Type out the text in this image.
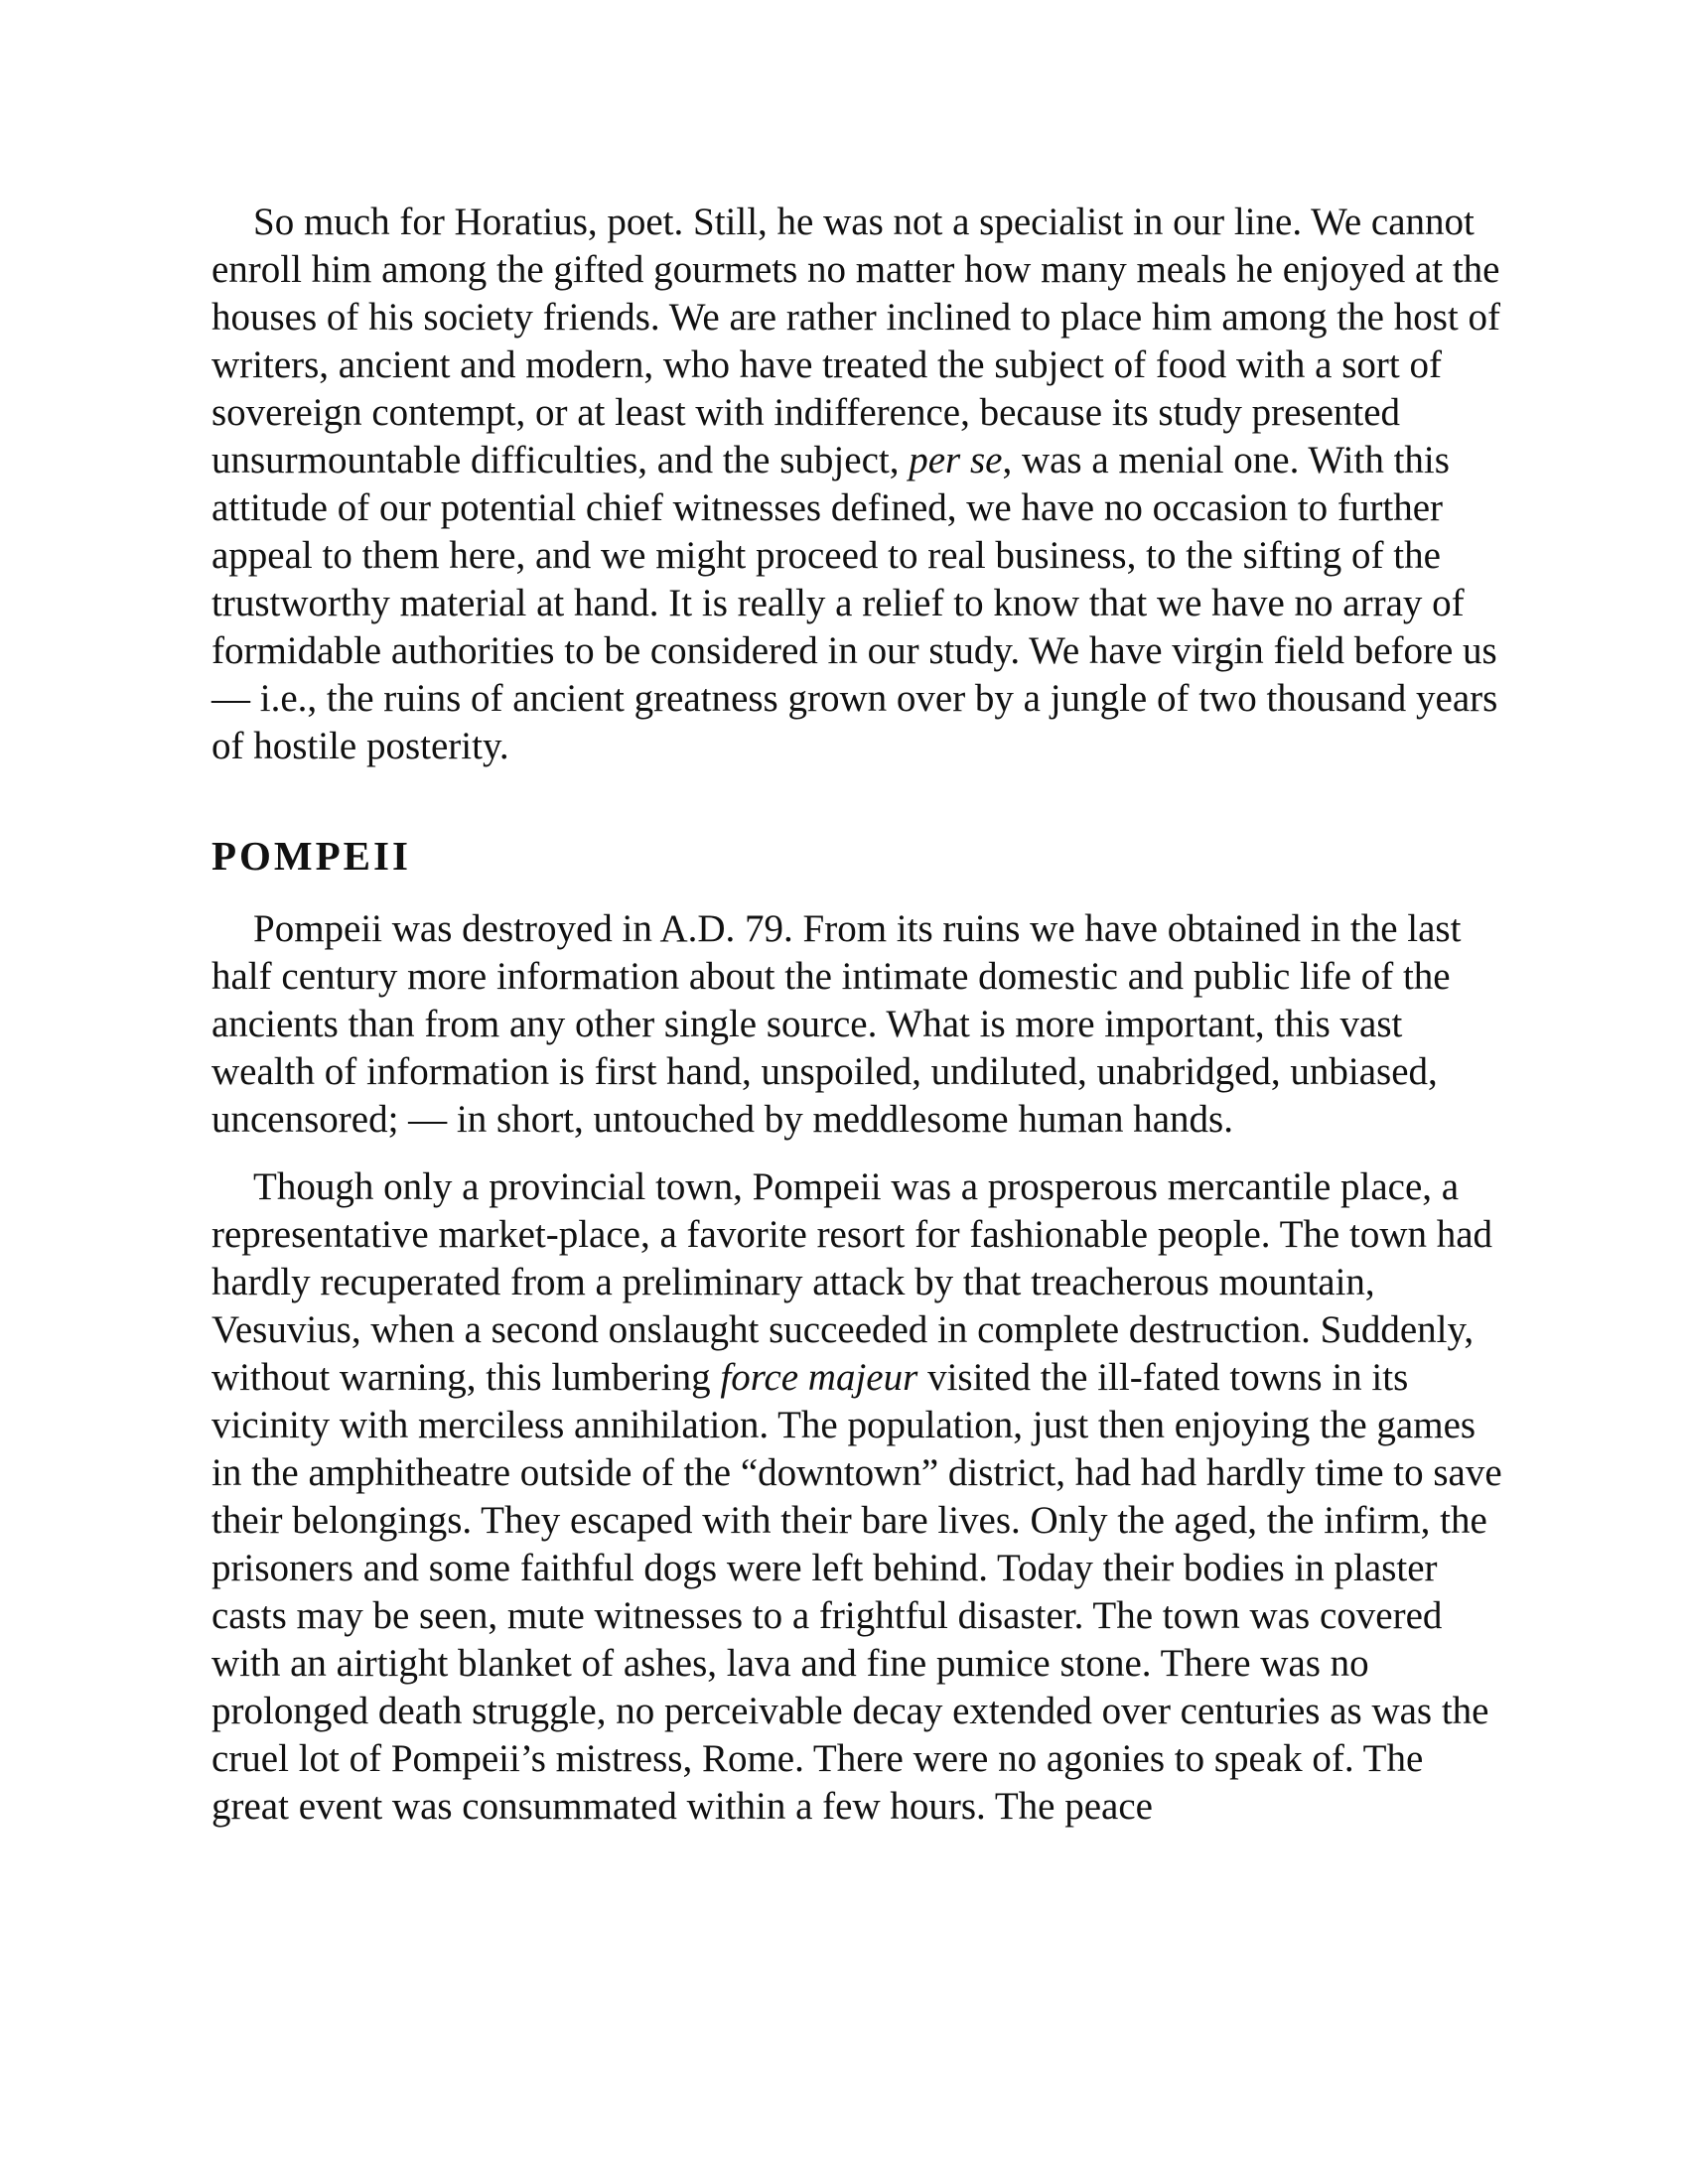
So much for Horatius, poet. Still, he was not a specialist in our line. We cannot enroll him among the gifted gourmets no matter how many meals he enjoyed at the houses of his society friends. We are rather inclined to place him among the host of writers, ancient and modern, who have treated the subject of food with a sort of sovereign contempt, or at least with indifference, because its study presented unsurmountable difficulties, and the subject, per se, was a menial one. With this attitude of our potential chief witnesses defined, we have no occasion to further appeal to them here, and we might proceed to real business, to the sifting of the trustworthy material at hand. It is really a relief to know that we have no array of formidable authorities to be considered in our study. We have virgin field before us — i.e., the ruins of ancient greatness grown over by a jungle of two thousand years of hostile posterity.

POMPEII

Pompeii was destroyed in A.D. 79. From its ruins we have obtained in the last half century more information about the intimate domestic and public life of the ancients than from any other single source. What is more important, this vast wealth of information is first hand, unspoiled, undiluted, unabridged, unbiased, uncensored; — in short, untouched by meddlesome human hands.

Though only a provincial town, Pompeii was a prosperous mercantile place, a representative market-place, a favorite resort for fashionable people. The town had hardly recuperated from a preliminary attack by that treacherous mountain, Vesuvius, when a second onslaught succeeded in complete destruction. Suddenly, without warning, this lumbering force majeur visited the ill-fated towns in its vicinity with merciless annihilation. The population, just then enjoying the games in the amphitheatre outside of the “downtown” district, had had hardly time to save their belongings. They escaped with their bare lives. Only the aged, the infirm, the prisoners and some faithful dogs were left behind. Today their bodies in plaster casts may be seen, mute witnesses to a frightful disaster. The town was covered with an airtight blanket of ashes, lava and fine pumice stone. There was no prolonged death struggle, no perceivable decay extended over centuries as was the cruel lot of Pompeii’s mistress, Rome. There were no agonies to speak of. The great event was consummated within a few hours. The peace
